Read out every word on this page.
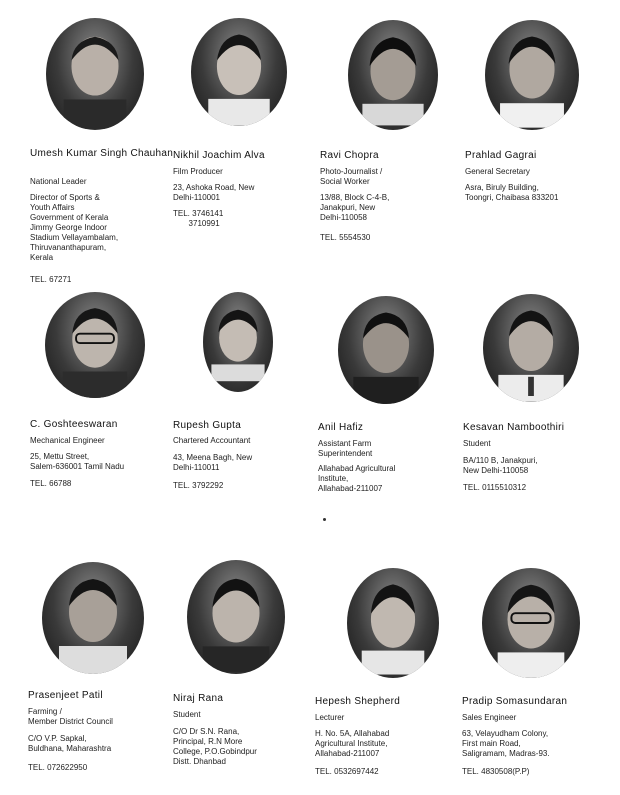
Umesh Kumar Singh Chauhan
National Leader
Director of Sports &
Youth Affairs
Government of Kerala
Jimmy George Indoor
Stadium Vellayambalam,
Thiruvananthapuram,
Kerala
TEL. 67271
Nikhil Joachim Alva
Film Producer
23, Ashoka Road, New
Delhi-110001
TEL. 3746141
3710991
Ravi Chopra
Photo-Journalist /
Social Worker
13/88, Block C-4-B,
Janakpuri, New
Delhi-110058
TEL. 5554530
Prahlad Gagrai
General Secretary
Asra, Biruly Building,
Toongri, Chaibasa 833201
C. Goshteeswaran
Mechanical Engineer
25, Mettu Street,
Salem-636001 Tamil Nadu
TEL. 66788
Rupesh Gupta
Chartered Accountant
43, Meena Bagh, New
Delhi-110011
TEL. 3792292
Anil Hafiz
Assistant Farm
Superintendent
Allahabad Agricultural
Institute,
Allahabad-211007
Kesavan Namboothiri
Student
BA/110 B, Janakpuri,
New Delhi-110058
TEL. 0115510312
Prasenjeet Patil
Farming /
Member District Council
C/O V.P. Sapkal,
Buldhana, Maharashtra
TEL. 072622950
Niraj Rana
Student
C/O Dr S.N. Rana,
Principal, R.N More
College, P.O.Gobindpur
Distt. Dhanbad
Hepesh Shepherd
Lecturer
H. No. 5A, Allahabad
Agricultural Institute,
Allahabad-211007
TEL. 0532697442
Pradip Somasundaran
Sales Engineer
63, Velayudham Colony,
First main Road,
Saligramam, Madras-93.
TEL. 4830508(P.P)
